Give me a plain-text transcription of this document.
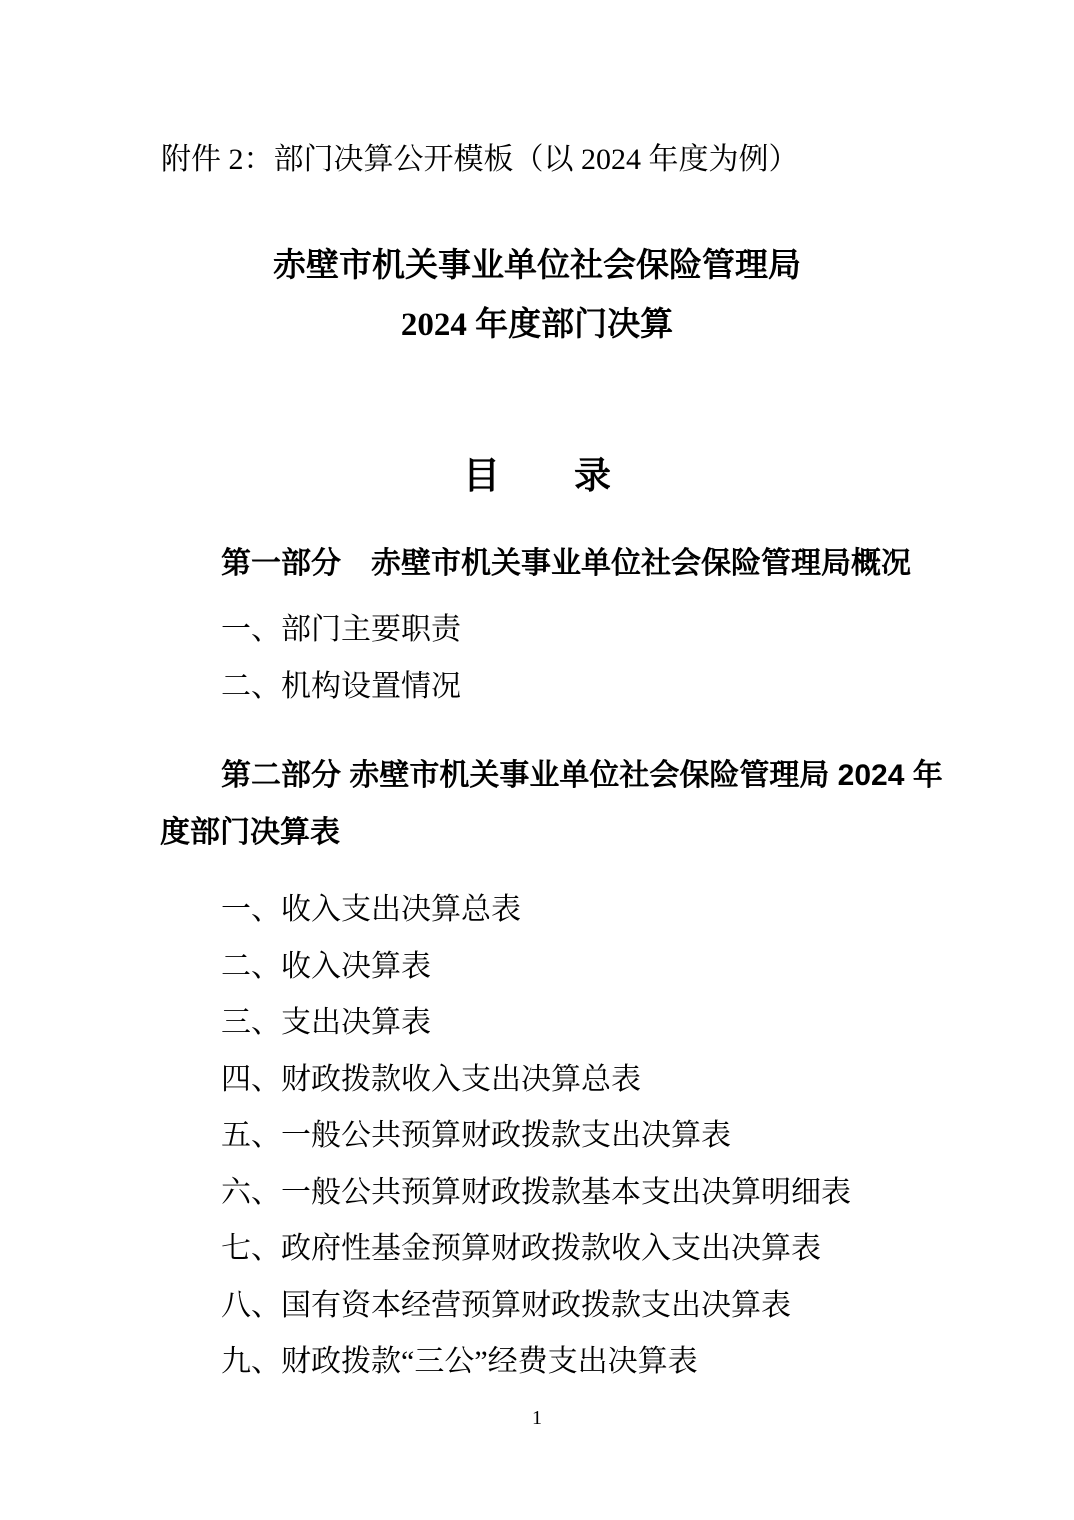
附件 2：部门决算公开模板（以 2024 年度为例）
赤壁市机关事业单位社会保险管理局
2024 年度部门决算
目　　录
第一部分　赤壁市机关事业单位社会保险管理局概况
一、部门主要职责
二、机构设置情况
第二部分 赤壁市机关事业单位社会保险管理局 2024 年
度部门决算表
一、收入支出决算总表
二、收入决算表
三、支出决算表
四、财政拨款收入支出决算总表
五、一般公共预算财政拨款支出决算表
六、一般公共预算财政拨款基本支出决算明细表
七、政府性基金预算财政拨款收入支出决算表
八、国有资本经营预算财政拨款支出决算表
九、财政拨款“三公”经费支出决算表
1
